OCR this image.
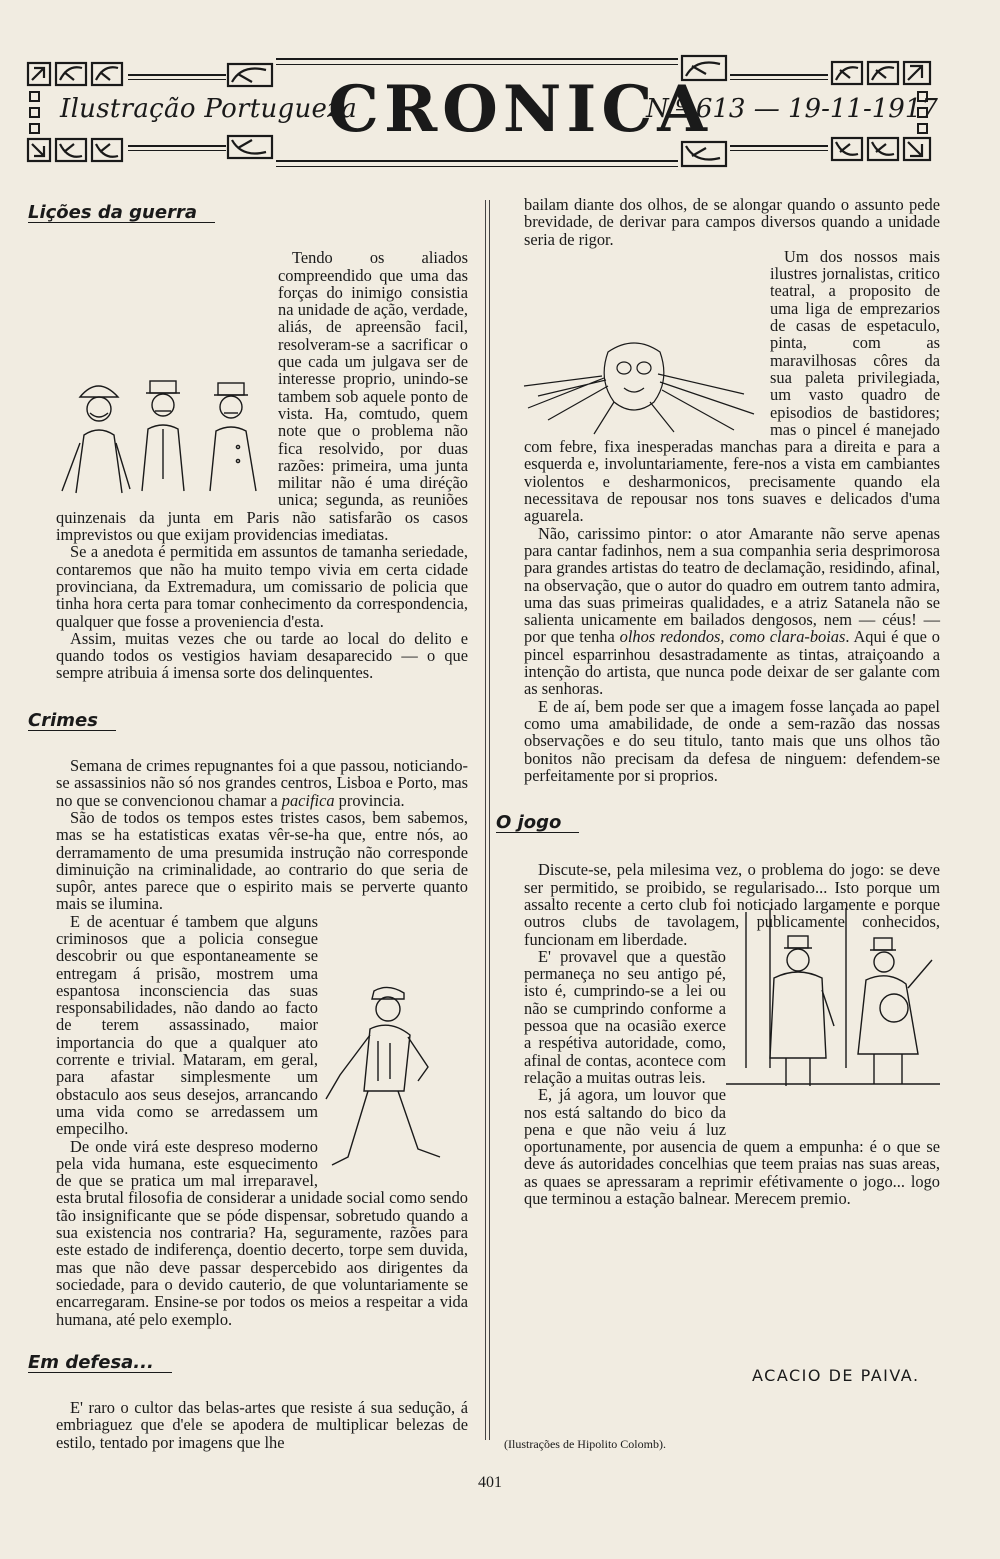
Ilustração Portugueza
CRONICA
N.º 613 — 19-11-1917
Lições da guerra

Tendo os aliados compreendido que uma das forças do inimigo consistia na unidade de ação, verdade, aliás, de apreensão facil, resolveram-se a sacrificar o que cada um julgava ser de interesse proprio, unindo-se tambem sob aquele ponto de vista. Ha, comtudo, quem note que o problema não fica resolvido, por duas razões: primeira, uma junta militar não é uma diréção unica; segunda, as reuniões quinzenais da junta em Paris não satisfarão os casos imprevistos ou que exijam providencias imediatas.

Se a anedota é permitida em assuntos de tamanha seriedade, contaremos que não ha muito tempo vivia em certa cidade provinciana, da Extremadura, um comissario de policia que tinha hora certa para tomar conhecimento da correspondencia, qualquer que fosse a proveniencia d'esta.

Assim, muitas vezes che ou tarde ao local do delito e quando todos os vestigios haviam desaparecido — o que sempre atribuia á imensa sorte dos delinquentes.

Crimes

Semana de crimes repugnantes foi a que passou, noticiando-se assassinios não só nos grandes centros, Lisboa e Porto, mas no que se convencionou chamar a pacifica provincia.

São de todos os tempos estes tristes casos, bem sabemos, mas se ha estatisticas exatas vêr-se-ha que, entre nós, ao derramamento de uma presumida instrução não corresponde diminuição na criminalidade, ao contrario do que seria de supôr, antes parece que o espirito mais se perverte quanto mais se ilumina.

E de acentuar é tambem que alguns criminosos que a policia consegue descobrir ou que espontaneamente se entregam á prisão, mostrem uma espantosa inconsciencia das suas responsabilidades, não dando ao facto de terem assassinado, maior importancia do que a qualquer ato corrente e trivial. Mataram, em geral, para afastar simplesmente um obstaculo aos seus desejos, arrancando uma vida como se arredassem um empecilho.

De onde virá este despreso moderno pela vida humana, este esquecimento de que se pratica um mal irreparavel, esta brutal filosofia de considerar a unidade social como sendo tão insignificante que se póde dispensar, sobretudo quando a sua existencia nos contraria? Ha, seguramente, razões para este estado de indiferença, doentio decerto, torpe sem duvida, mas que não deve passar despercebido aos dirigentes da sociedade, para o devido cauterio, de que voluntariamente se encarregaram. Ensine-se por todos os meios a respeitar a vida humana, até pelo exemplo.

Em defesa...

E' raro o cultor das belas-artes que resiste á sua sedução, á embriaguez que d'ele se apodera de multiplicar belezas de estilo, tentado por imagens que lhe

bailam diante dos olhos, de se alongar quando o assunto pede brevidade, de derivar para campos diversos quando a unidade seria de rigor.

Um dos nossos mais ilustres jornalistas, critico teatral, a proposito de uma liga de emprezarios de casas de espetaculo, pinta, com as maravilhosas côres da sua paleta privilegiada, um vasto quadro de episodios de bastidores; mas o pincel é manejado com febre, fixa inesperadas manchas para a direita e para a esquerda e, involuntariamente, fere-nos a vista em cambiantes violentos e desharmonicos, precisamente quando ela necessitava de repousar nos tons suaves e delicados d'uma aguarela.

Não, carissimo pintor: o ator Amarante não serve apenas para cantar fadinhos, nem a sua companhia seria desprimorosa para grandes artistas do teatro de declamação, residindo, afinal, na observação, que o autor do quadro em outrem tanto admira, uma das suas primeiras qualidades, e a atriz Satanela não se salienta unicamente em bailados dengosos, nem — céus! — por que tenha olhos redondos, como clara-boias. Aqui é que o pincel esparrinhou desastradamente as tintas, atraiçoando a intenção do artista, que nunca pode deixar de ser galante com as senhoras.

E de aí, bem pode ser que a imagem fosse lançada ao papel como uma amabilidade, de onde a sem-razão das nossas observações e do seu titulo, tanto mais que uns olhos tão bonitos não precisam da defesa de ninguem: defendem-se perfeitamente por si proprios.

O jogo

Discute-se, pela milesima vez, o problema do jogo: se deve ser permitido, se proibido, se regularisado... Isto porque um assalto recente a certo club foi noticiado largamente e porque outros clubs de tavolagem, publicamente conhecidos, funcionam em liberdade.

E' provavel que a questão permaneça no seu antigo pé, isto é, cumprindo-se a lei ou não se cumprindo conforme a pessoa que na ocasião exerce a respétiva autoridade, como, afinal de contas, acontece com relação a muitas outras leis.

E, já agora, um louvor que nos está saltando do bico da pena e que não veiu á luz oportunamente, por ausencia de quem a empunha: é o que se deve ás autoridades concelhias que teem praias nas suas areas, as quaes se apressaram a reprimir efétivamente o jogo... logo que terminou a estação balnear. Merecem premio.

ACACIO DE PAIVA.
(Ilustrações de Hipolito Colomb).
401
